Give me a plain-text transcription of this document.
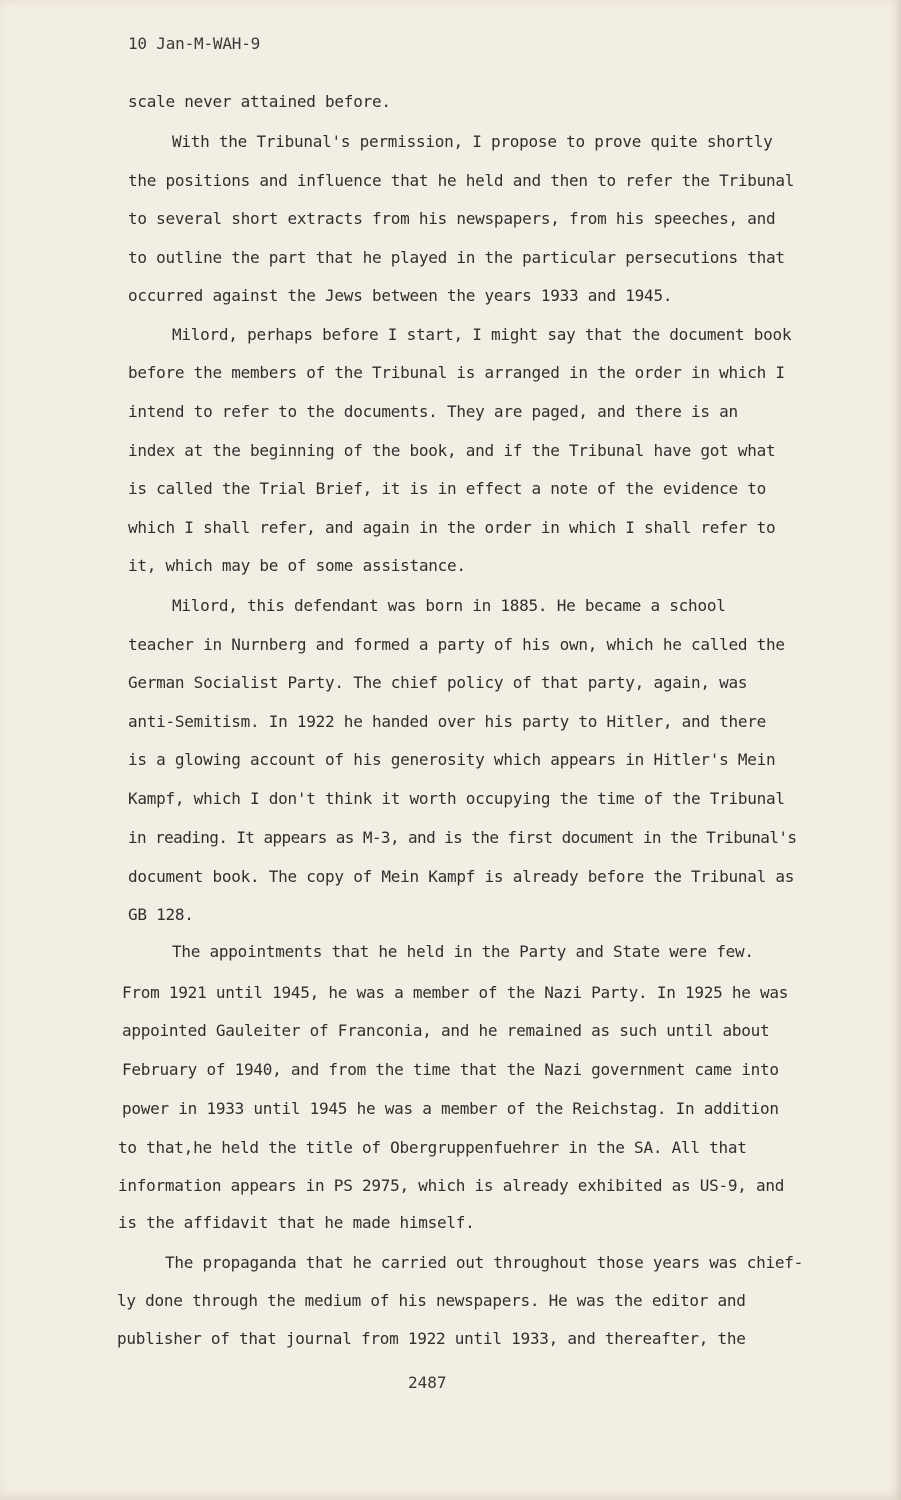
10 Jan-M-WAH-9
scale never attained before.
With the Tribunal's permission, I propose to prove quite shortly
the positions and influence that he held and then to refer the Tribunal
to several short extracts from his newspapers, from his speeches, and
to outline the part that he played in the particular persecutions that
occurred against the Jews between the years 1933 and 1945.
Milord, perhaps before I start, I might say that the document book
before the members of the Tribunal is arranged in the order in which I
intend to refer to the documents. They are paged, and there is an
index at the beginning of the book, and if the Tribunal have got what
is called the Trial Brief, it is in effect a note of the evidence to
which I shall refer, and again in the order in which I shall refer to
it, which may be of some assistance.
Milord, this defendant was born in 1885. He became a school
teacher in Nurnberg and formed a party of his own, which he called the
German Socialist Party. The chief policy of that party, again, was
anti-Semitism. In 1922 he handed over his party to Hitler, and there
is a glowing account of his generosity which appears in Hitler's Mein
Kampf, which I don't think it worth occupying the time of the Tribunal
in reading. It appears as M-3, and is the first document in the Tribunal's
document book. The copy of Mein Kampf is already before the Tribunal as
GB 128.
The appointments that he held in the Party and State were few.
From 1921 until 1945, he was a member of the Nazi Party. In 1925 he was
appointed Gauleiter of Franconia, and he remained as such until about
February of 1940, and from the time that the Nazi government came into
power in 1933 until 1945 he was a member of the Reichstag. In addition
to that,he held the title of Obergruppenfuehrer in the SA. All that
information appears in PS 2975, which is already exhibited as US-9, and
is the affidavit that he made himself.
The propaganda that he carried out throughout those years was chief-
ly done through the medium of his newspapers. He was the editor and
publisher of that journal from 1922 until 1933, and thereafter, the
2487
